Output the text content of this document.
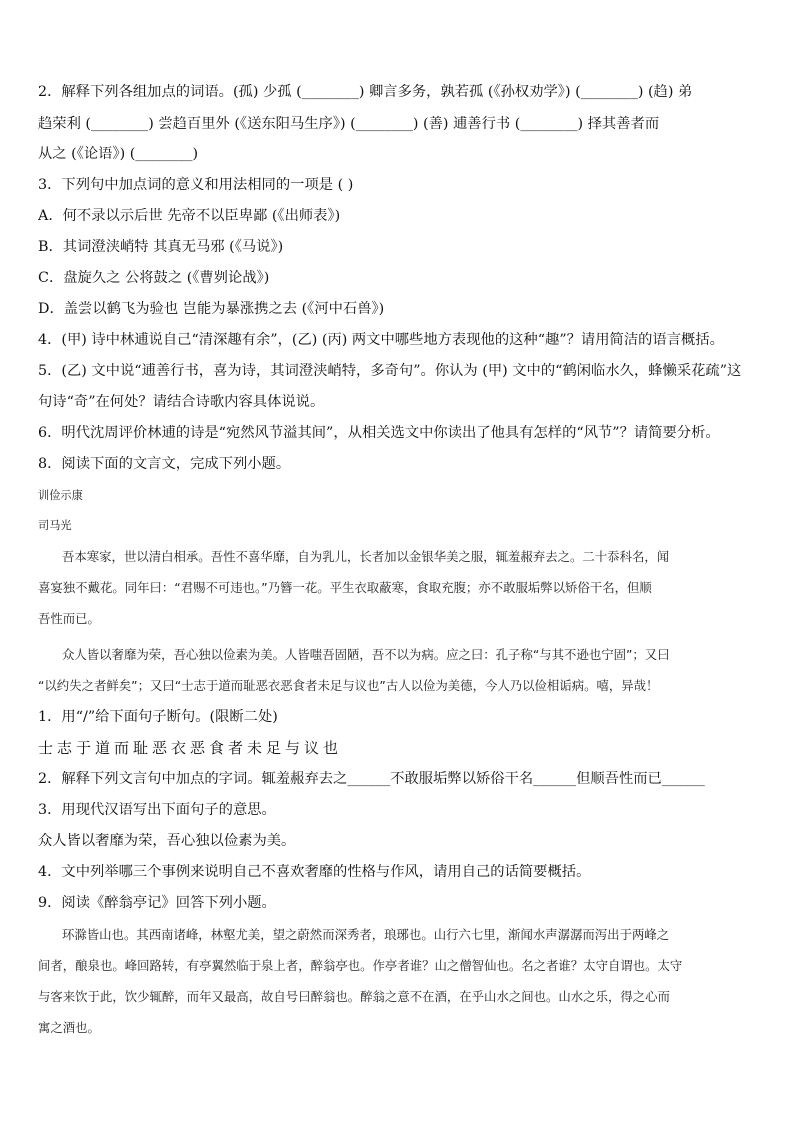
2．解释下列各组加点的词语。(孤) 少孤 (________) 卿言多务，孰若孤 (《孙权劝学》) (________) (趋) 弟
趋荣利 (________) 尝趋百里外 (《送东阳马生序》) (________) (善) 逋善行书 (________) 择其善者而
从之 (《论语》) (________)
3．下列句中加点词的意义和用法相同的一项是 ( )
A．何不录以示后世 先帝不以臣卑鄙 (《出师表》)
B．其词澄浃峭特 其真无马邪 (《马说》)
C．盘旋久之 公将鼓之 (《曹刿论战》)
D．盖尝以鹤飞为验也 岂能为暴涨携之去 (《河中石兽》)
4．(甲) 诗中林逋说自己“清深趣有余”，(乙) (丙) 两文中哪些地方表现他的这种“趣”？请用简洁的语言概括。
5．(乙) 文中说“逋善行书，喜为诗，其词澄浃峭特，多奇句”。你认为 (甲) 文中的“鹤闲临水久，蜂懒采花疏”这
句诗“奇”在何处？请结合诗歌内容具体说说。
6．明代沈周评价林逋的诗是“宛然风节溢其间”，从相关选文中你读出了他具有怎样的“风节”？请简要分析。
8．阅读下面的文言文，完成下列小题。
训俭示康
司马光
吾本寒家，世以清白相承。吾性不喜华靡，自为乳儿，长者加以金银华美之服，辄羞赧弃去之。二十忝科名，闻
喜宴独不戴花。同年曰：“君赐不可违也。”乃簪一花。平生衣取蔽寒，食取充腹；亦不敢服垢弊以矫俗干名，但顺
吾性而已。
众人皆以奢靡为荣，吾心独以俭素为美。人皆嗤吾固陋，吾不以为病。应之曰：孔子称“与其不逊也宁固”；又曰
“以约失之者鲜矣”；又曰“士志于道而耻恶衣恶食者未足与议也”古人以俭为美德，今人乃以俭相诟病。嘻，异哉！
1．用“/”给下面句子断句。(限断二处)
士志于道而耻恶衣恶食者未足与议也
2．解释下列文言句中加点的字词。辄羞赧弃去之______不敢服垢弊以矫俗干名______但顺吾性而已______
3．用现代汉语写出下面句子的意思。
众人皆以奢靡为荣，吾心独以俭素为美。
4．文中列举哪三个事例来说明自己不喜欢奢靡的性格与作风，请用自己的话简要概括。
9．阅读《醉翁亭记》回答下列小题。
环滁皆山也。其西南诸峰，林壑尤美，望之蔚然而深秀者，琅琊也。山行六七里，渐闻水声潺潺而泻出于两峰之
间者，酿泉也。峰回路转，有亭翼然临于泉上者，醉翁亭也。作亭者谁？山之僧智仙也。名之者谁？太守自谓也。太守
与客来饮于此，饮少辄醉，而年又最高，故自号曰醉翁也。醉翁之意不在酒，在乎山水之间也。山水之乐，得之心而
寓之酒也。
